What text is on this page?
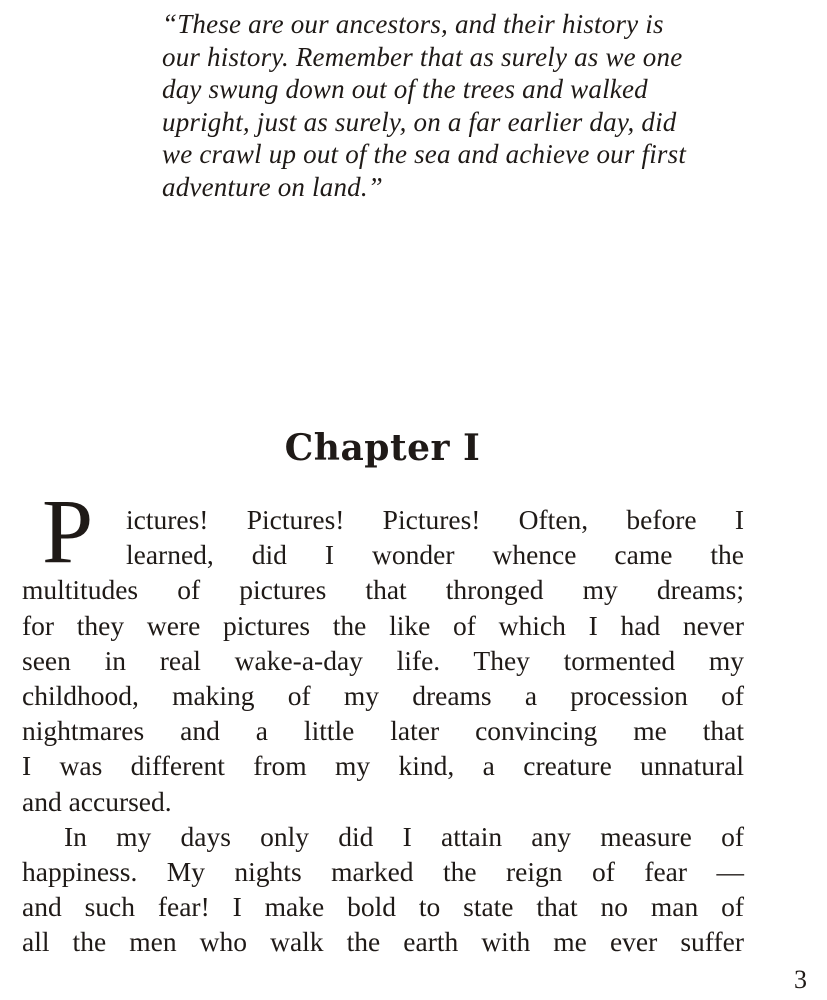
“These are our ancestors, and their history is
our history. Remember that as surely as we one
day swung down out of the trees and walked
upright, just as surely, on a far earlier day, did
we crawl up out of the sea and achieve our first
adventure on land.”
Chapter I
P	ictures! Pictures! Pictures! Often, before I
learned, did I wonder whence came the
multitudes of pictures that thronged my dreams;
for they were pictures the like of which I had never
seen in real wake-a-day life. They tormented my
childhood, making of my dreams a procession of
nightmares and a little later convincing me that
I was different from my kind, a creature unnatural
and accursed.
In my days only did I attain any measure of
happiness. My nights marked the reign of fear —
and such fear! I make bold to state that no man of
all the men who walk the earth with me ever suffer
3
